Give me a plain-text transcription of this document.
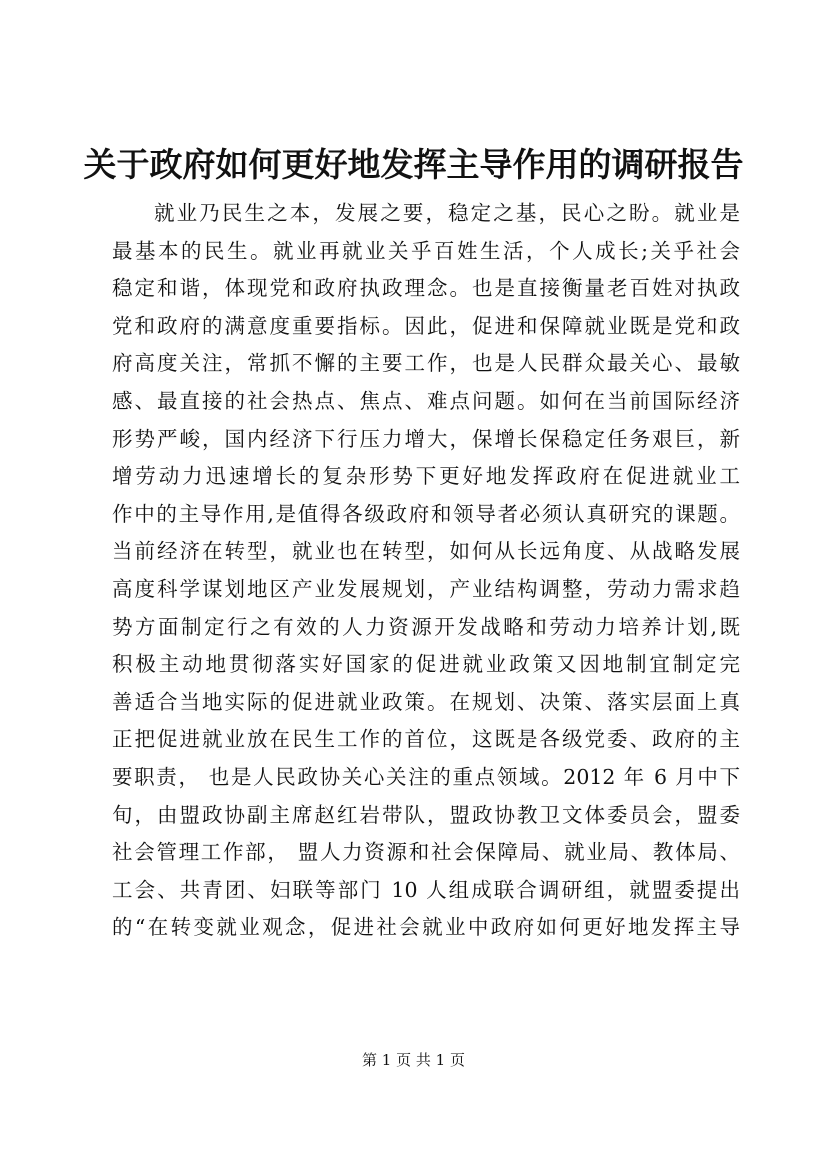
关于政府如何更好地发挥主导作用的调研报告
就业乃民生之本，发展之要，稳定之基，民心之盼。就业是
最基本的民生。就业再就业关乎百姓生活，个人成长;关乎社会
稳定和谐，体现党和政府执政理念。也是直接衡量老百姓对执政
党和政府的满意度重要指标。因此，促进和保障就业既是党和政
府高度关注，常抓不懈的主要工作，也是人民群众最关心、最敏
感、最直接的社会热点、焦点、难点问题。如何在当前国际经济
形势严峻，国内经济下行压力增大，保增长保稳定任务艰巨，新
增劳动力迅速增长的复杂形势下更好地发挥政府在促进就业工
作中的主导作用,是值得各级政府和领导者必须认真研究的课题。
当前经济在转型，就业也在转型，如何从长远角度、从战略发展
高度科学谋划地区产业发展规划，产业结构调整，劳动力需求趋
势方面制定行之有效的人力资源开发战略和劳动力培养计划,既
积极主动地贯彻落实好国家的促进就业政策又因地制宜制定完
善适合当地实际的促进就业政策。在规划、决策、落实层面上真
正把促进就业放在民生工作的首位，这既是各级党委、政府的主
要职责， 也是人民政协关心关注的重点领域。2012 年 6 月中下
旬，由盟政协副主席赵红岩带队，盟政协教卫文体委员会，盟委
社会管理工作部， 盟人力资源和社会保障局、就业局、教体局、
工会、共青团、妇联等部门 10 人组成联合调研组，就盟委提出
的“在转变就业观念，促进社会就业中政府如何更好地发挥主导
第 1 页 共 1 页
